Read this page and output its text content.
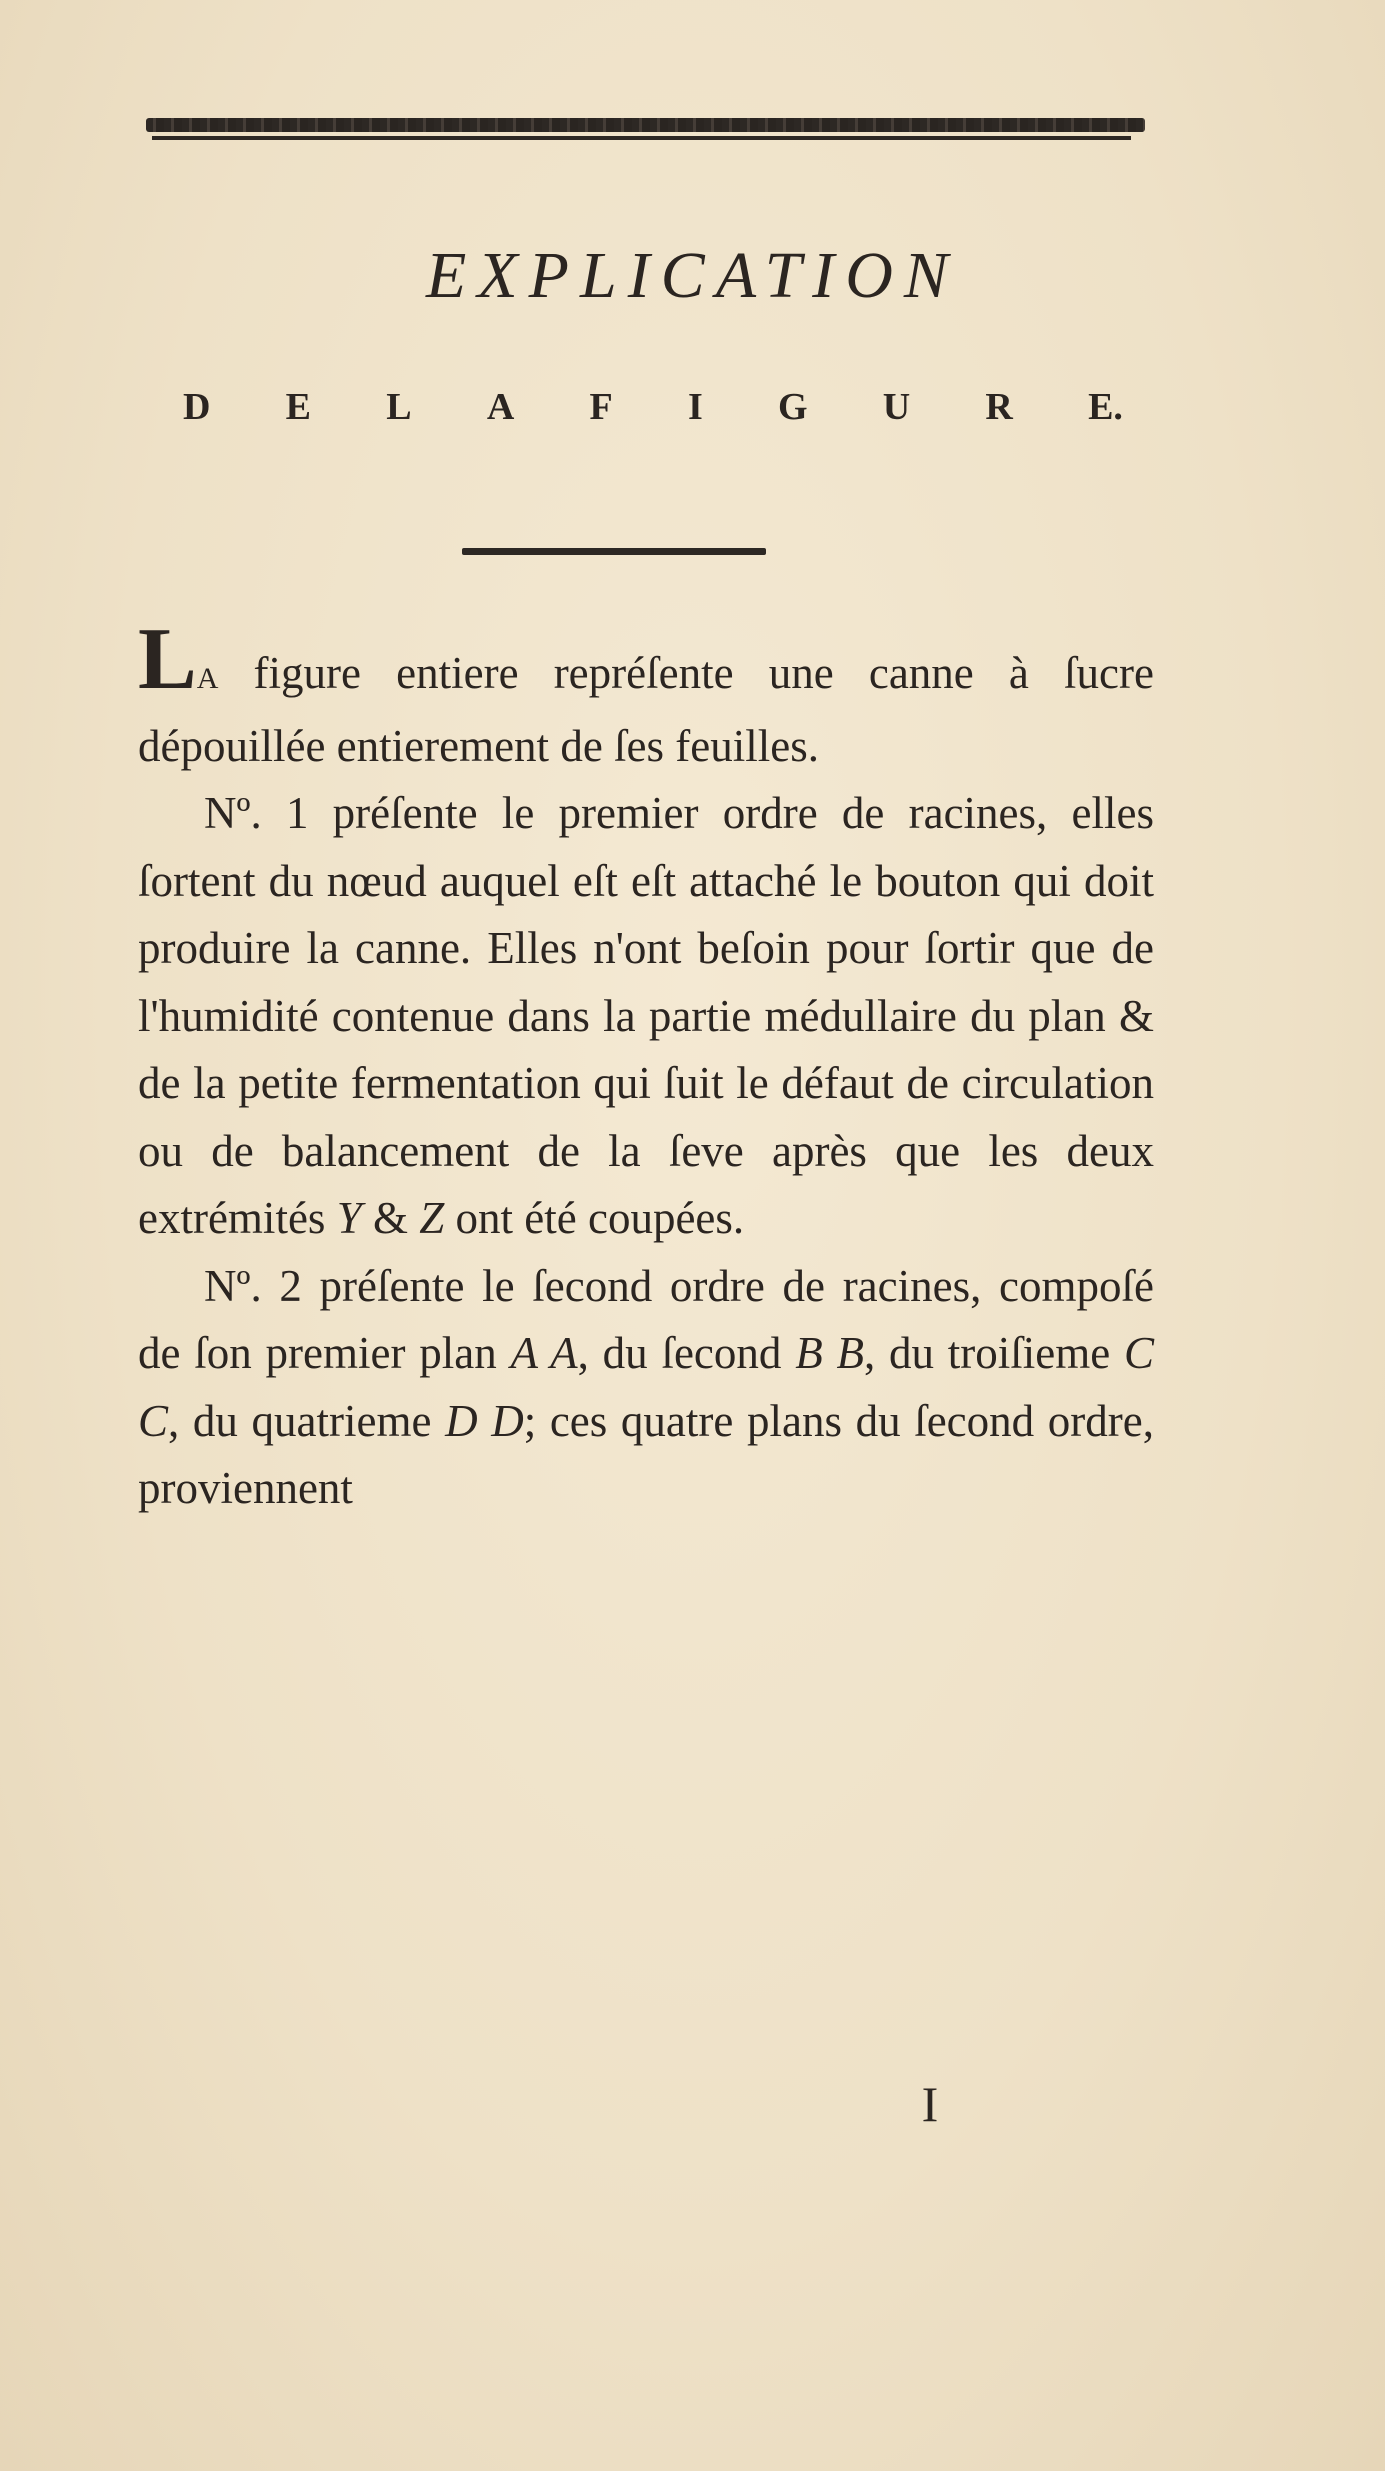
EXPLICATION
D E L A F I G U R E.

LA figure entiere repréſente une canne à ſucre dépouillée entierement de ſes feuilles.

Nº. 1 préſente le premier ordre de racines, elles ſortent du nœud auquel eſt eſt attaché le bouton qui doit produire la canne. Elles n'ont beſoin pour ſortir que de l'humidité contenue dans la partie médullaire du plan & de la petite fermentation qui ſuit le défaut de circulation ou de balancement de la ſeve après que les deux extrémités Y & Z ont été coupées.

Nº. 2 préſente le ſecond ordre de racines, compoſé de ſon premier plan A A, du ſecond B B, du troiſieme C C, du quatrieme D D; ces quatre plans du ſecond ordre, proviennent

I
